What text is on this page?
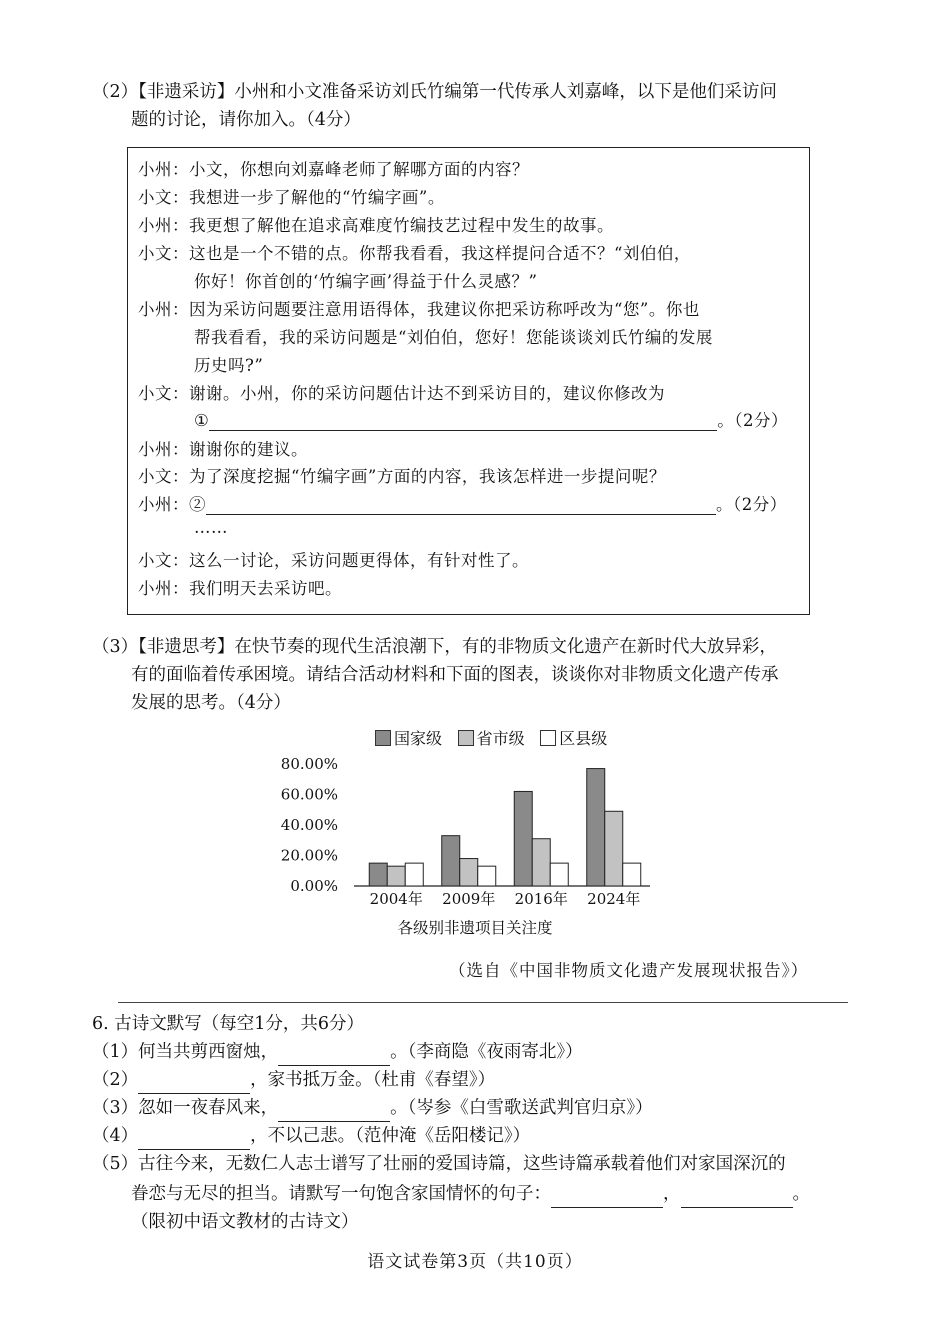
（2）【非遗采访】小州和小文准备采访刘氏竹编第一代传承人刘嘉峰，以下是他们采访问
题的讨论，请你加入。（4分）
小州：小文，你想向刘嘉峰老师了解哪方面的内容？
小文：我想进一步了解他的“竹编字画”。
小州：我更想了解他在追求高难度竹编技艺过程中发生的故事。
小文：这也是一个不错的点。你帮我看看，我这样提问合适不？“刘伯伯，
你好！你首创的‘竹编字画’得益于什么灵感？”
小州：因为采访问题要注意用语得体，我建议你把采访称呼改为“您”。你也
帮我看看，我的采访问题是“刘伯伯，您好！您能谈谈刘氏竹编的发展
历史吗?”
小文：谢谢。小州，你的采访问题估计达不到采访目的，建议你修改为
①	。（2分）
小州：谢谢你的建议。
小文：为了深度挖掘“竹编字画”方面的内容，我该怎样进一步提问呢？
小州：②	。（2分）
……
小文：这么一讨论，采访问题更得体，有针对性了。
小州：我们明天去采访吧。
（3）【非遗思考】在快节奏的现代生活浪潮下，有的非物质文化遗产在新时代大放异彩，
有的面临着传承困境。请结合活动材料和下面的图表，谈谈你对非物质文化遗产传承
发展的思考。（4分）
国家级
省市级
区县级
80.00%
60.00%
40.00%
20.00%
0.00%
2004年 2009年 2016年 2024年
各级别非遗项目关注度
（选自《中国非物质文化遗产发展现状报告》）
6. 古诗文默写（每空1分，共6分）
（1）何当共剪西窗烛，	。（李商隐《夜雨寄北》）
（2）	，家书抵万金。（杜甫《春望》）
（3）忽如一夜春风来，	。（岑参《白雪歌送武判官归京》）
（4）	，不以己悲。（范仲淹《岳阳楼记》）
（5）古往今来，无数仁人志士谱写了壮丽的爱国诗篇，这些诗篇承载着他们对家国深沉的
眷恋与无尽的担当。请默写一句饱含家国情怀的句子：	，	。
（限初中语文教材的古诗文）
语文试卷第3页（共10页）
